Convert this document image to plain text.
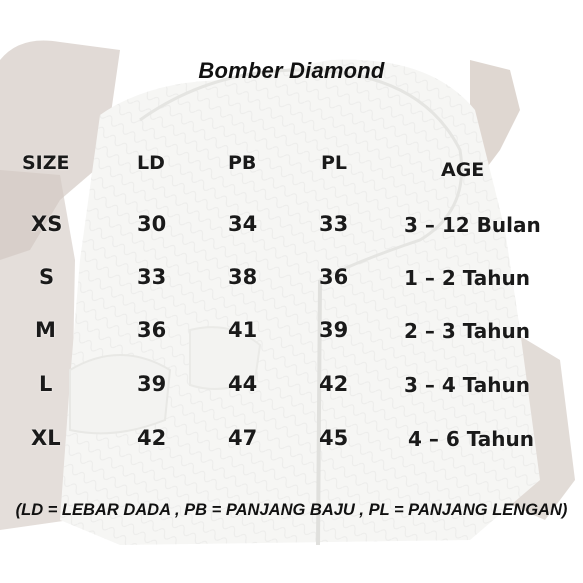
Bomber Diamond
SIZE	LD	PB	PL	AGE
XS	30	34	33	3 – 12 Bulan
S	33	38	36	1 – 2 Tahun
M	36	41	39	2 – 3 Tahun
L	39	44	42	3 – 4 Tahun
XL	42	47	45	4 – 6 Tahun
(LD = LEBAR DADA , PB = PANJANG BAJU , PL = PANJANG LENGAN)
